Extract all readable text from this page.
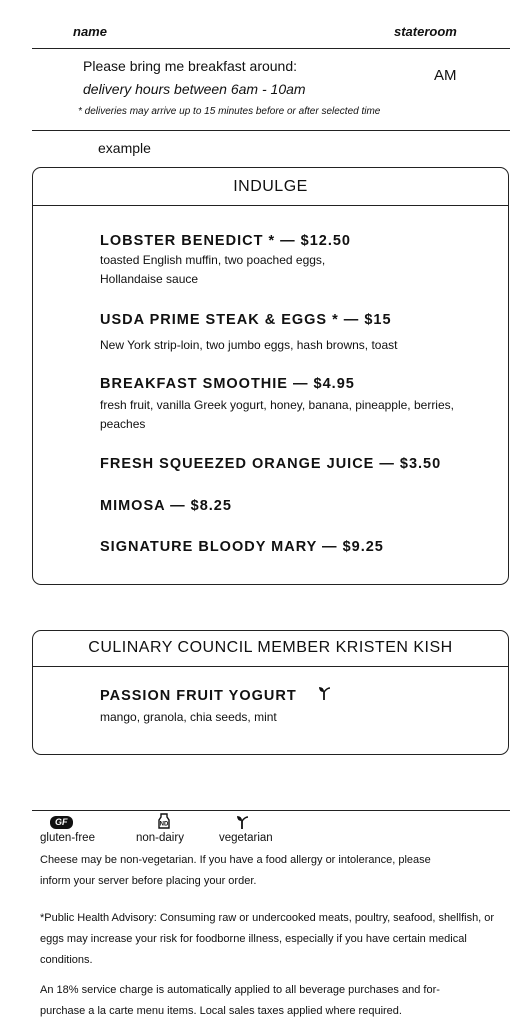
name	stateroom
Please bring me breakfast around:
delivery hours between 6am - 10am
AM
* deliveries may arrive up to 15 minutes before or after selected time
example
INDULGE
LOBSTER BENEDICT * — $12.50
toasted English muffin, two poached eggs, Hollandaise sauce
USDA PRIME STEAK & EGGS * — $15
New York strip-loin, two jumbo eggs, hash browns, toast
BREAKFAST SMOOTHIE — $4.95
fresh fruit, vanilla Greek yogurt, honey, banana, pineapple, berries, peaches
FRESH SQUEEZED ORANGE JUICE — $3.50
MIMOSA — $8.25
SIGNATURE BLOODY MARY — $9.25
CULINARY COUNCIL MEMBER KRISTEN KISH
PASSION FRUIT YOGURT
mango, granola, chia seeds, mint
GF
gluten-free
ND
non-dairy	vegetarian
Cheese may be non-vegetarian. If you have a food allergy or intolerance, please inform your server before placing your order.
*Public Health Advisory: Consuming raw or undercooked meats, poultry, seafood, shellfish, or eggs may increase your risk for foodborne illness, especially if you have certain medical conditions.
An 18% service charge is automatically applied to all beverage purchases and for-purchase a la carte menu items. Local sales taxes applied where required.
